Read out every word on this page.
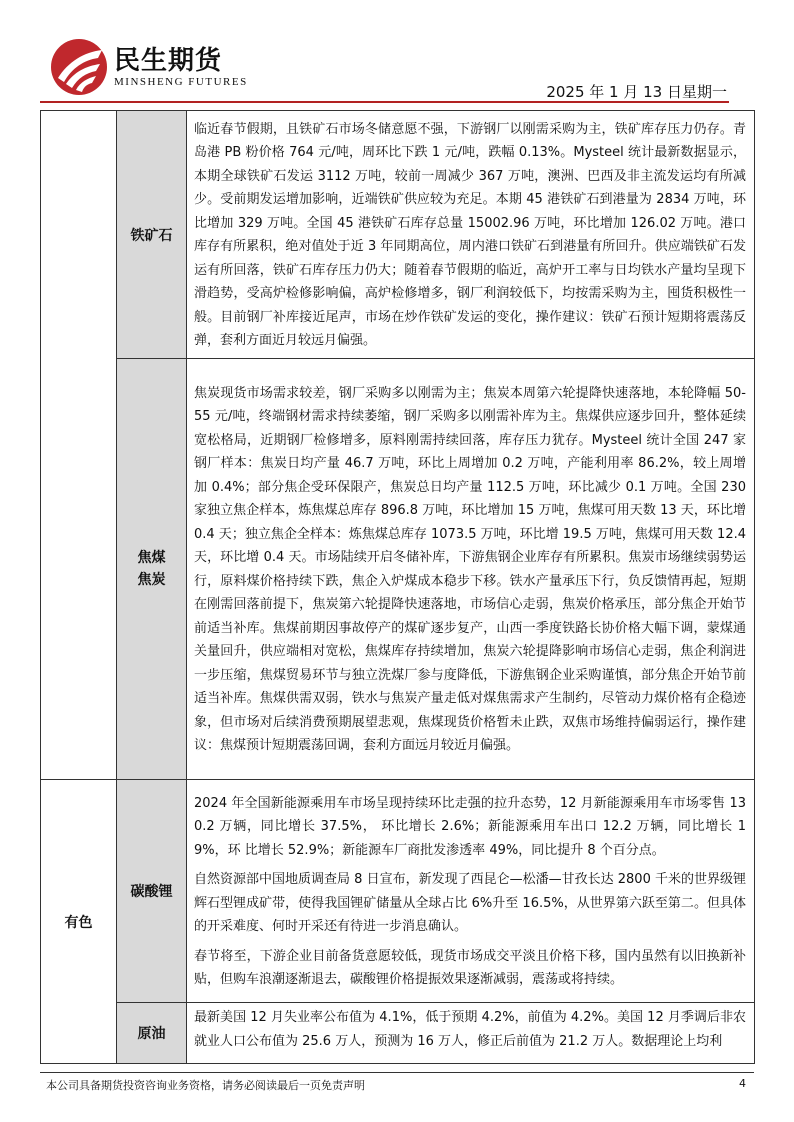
民生期货
MINSHENG FUTURES
2025 年 1 月 13 日星期一
	铁矿石	临近春节假期，且铁矿石市场冬储意愿不强，下游钢厂以刚需采购为主，铁矿库存压力仍存。青岛港 PB 粉价格 764 元/吨，周环比下跌 1 元/吨，跌幅 0.13%。Mysteel 统计最新数据显示，本期全球铁矿石发运 3112 万吨，较前一周减少 367 万吨，澳洲、巴西及非主流发运均有所减少。受前期发运增加影响，近端铁矿供应较为充足。本期 45 港铁矿石到港量为 2834 万吨，环比增加 329 万吨。全国 45 港铁矿石库存总量 15002.96 万吨，环比增加 126.02 万吨。港口库存有所累积，绝对值处于近 3 年同期高位，周内港口铁矿石到港量有所回升。供应端铁矿石发运有所回落，铁矿石库存压力仍大；随着春节假期的临近，高炉开工率与日均铁水产量均呈现下滑趋势，受高炉检修影响偏，高炉检修增多，钢厂利润较低下，均按需采购为主，囤货积极性一般。目前钢厂补库接近尾声，市场在炒作铁矿发运的变化，操作建议：铁矿石预计短期将震荡反弹，套利方面近月较远月偏强。

	焦煤
焦炭	焦炭现货市场需求较差，钢厂采购多以刚需为主；焦炭本周第六轮提降快速落地，本轮降幅 50-55 元/吨，终端钢材需求持续萎缩，钢厂采购多以刚需补库为主。焦煤供应逐步回升，整体延续宽松格局，近期钢厂检修增多，原料刚需持续回落，库存压力犹存。Mysteel 统计全国 247 家钢厂样本：焦炭日均产量 46.7 万吨，环比上周增加 0.2 万吨，产能利用率 86.2%，较上周增加 0.4%；部分焦企受环保限产，焦炭总日均产量 112.5 万吨，环比减少 0.1 万吨。全国 230 家独立焦企样本，炼焦煤总库存 896.8 万吨，环比增加 15 万吨，焦煤可用天数 13 天，环比增 0.4 天；独立焦企全样本：炼焦煤总库存 1073.5 万吨，环比增 19.5 万吨，焦煤可用天数 12.4 天，环比增 0.4 天。市场陆续开启冬储补库，下游焦钢企业库存有所累积。焦炭市场继续弱势运行，原料煤价格持续下跌，焦企入炉煤成本稳步下移。铁水产量承压下行，负反馈情再起，短期在刚需回落前提下，焦炭第六轮提降快速落地，市场信心走弱，焦炭价格承压，部分焦企开始节前适当补库。焦煤前期因事故停产的煤矿逐步复产，山西一季度铁路长协价格大幅下调，蒙煤通关量回升，供应端相对宽松，焦煤库存持续增加，焦炭六轮提降影响市场信心走弱，焦企利润进一步压缩，焦煤贸易环节与独立洗煤厂参与度降低，下游焦钢企业采购谨慎，部分焦企开始节前适当补库。焦煤供需双弱，铁水与焦炭产量走低对煤焦需求产生制约，尽管动力煤价格有企稳迹象，但市场对后续消费预期展望悲观，焦煤现货价格暂未止跌，双焦市场维持偏弱运行，操作建议：焦煤预计短期震荡回调，套利方面远月较近月偏强。

有色	碳酸锂	2024 年全国新能源乘用车市场呈现持续环比走强的拉升态势，12 月新能源乘用车市场零售 130.2 万辆，同比增长 37.5%， 环比增长 2.6%；新能源乘用车出口 12.2 万辆，同比增长 19%，环 比增长 52.9%；新能源车厂商批发渗透率 49%，同比提升 8 个百分点。

自然资源部中国地质调查局 8 日宣布，新发现了西昆仑—松潘—甘孜长达 2800 千米的世界级锂辉石型锂成矿带，使得我国锂矿储量从全球占比 6%升至 16.5%，从世界第六跃至第二。但具体的开采难度、何时开采还有待进一步消息确认。

春节将至，下游企业目前备货意愿较低，现货市场成交平淡且价格下移，国内虽然有以旧换新补贴，但购车浪潮逐渐退去，碳酸锂价格提振效果逐渐减弱，震荡或将持续。

	原油	最新美国 12 月失业率公布值为 4.1%，低于预期 4.2%，前值为 4.2%。美国 12 月季调后非农就业人口公布值为 25.6 万人，预测为 16 万人，修正后前值为 21.2 万人。数据理论上均利
本公司具备期货投资咨询业务资格，请务必阅读最后一页免责声明	4
